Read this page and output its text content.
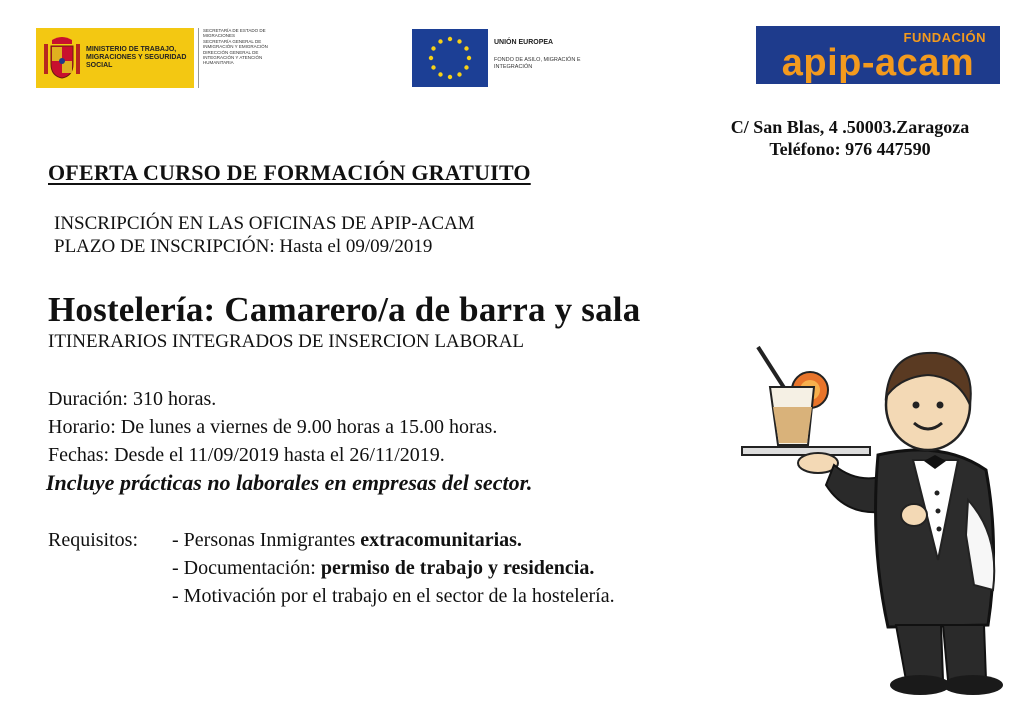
MINISTERIO DE TRABAJO, MIGRACIONES Y SEGURIDAD SOCIAL
SECRETARÍA DE ESTADO DE MIGRACIONES
SECRETARÍA GENERAL DE INMIGRACIÓN Y EMIGRACIÓN
DIRECCIÓN GENERAL DE INTEGRACIÓN Y ATENCIÓN HUMANITARIA
UNIÓN EUROPEA
FONDO DE ASILO, MIGRACIÓN E INTEGRACIÓN
FUNDACIÓN
apip-acam
C/ San Blas, 4 .50003.Zaragoza
Teléfono: 976 447590
OFERTA CURSO DE FORMACIÓN GRATUITO
INSCRIPCIÓN EN LAS OFICINAS DE APIP-ACAM
PLAZO DE INSCRIPCIÓN: Hasta el 09/09/2019
Hostelería: Camarero/a de barra y sala
ITINERARIOS INTEGRADOS DE INSERCION LABORAL
Duración: 310 horas.
Horario: De lunes a viernes de 9.00 horas a 15.00 horas.
Fechas: Desde el 11/09/2019 hasta el 26/11/2019.
Incluye prácticas no laborales en empresas del sector.
Requisitos: - Personas Inmigrantes extracomunitarias.
- Documentación: permiso de trabajo y residencia.
- Motivación por el trabajo en el sector de la hostelería.
